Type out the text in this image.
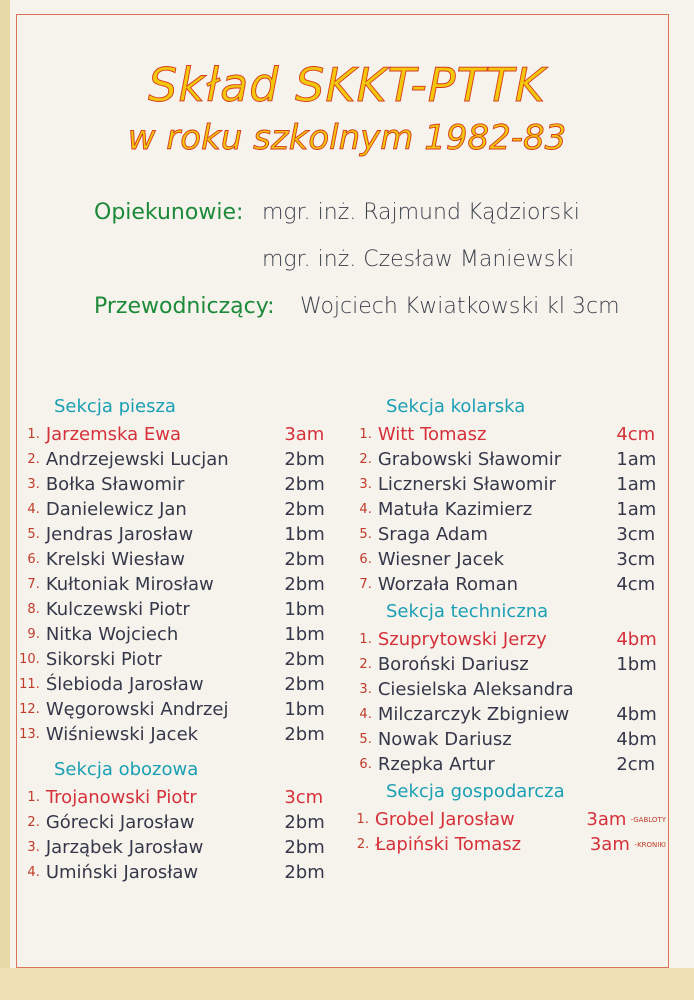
Skład SKKT-PTTK
w roku szkolnym 1982-83
Opiekunowie: mgr. inż. Rajmund Kądziorski
mgr. inż. Czesław Maniewski
Przewodniczący: Wojciech Kwiatkowski kl 3cm
Sekcja piesza
1. Jarzemska Ewa	3am
2. Andrzejewski Lucjan	2bm
3. Bołka Sławomir	2bm
4. Danielewicz Jan	2bm
5. Jendras Jarosław	1bm
6. Krelski Wiesław	2bm
7. Kułtoniak Mirosław	2bm
8. Kulczewski Piotr	1bm
9. Nitka Wojciech	1bm
10. Sikorski Piotr	2bm
11. Ślebioda Jarosław	2bm
12. Węgorowski Andrzej	1bm
13. Wiśniewski Jacek	2bm
Sekcja obozowa
1. Trojanowski Piotr	3cm
2. Górecki Jarosław	2bm
3. Jarząbek Jarosław	2bm
4. Umiński Jarosław	2bm
Sekcja kolarska
1. Witt Tomasz	4cm
2. Grabowski Sławomir	1am
3. Licznerski Sławomir	1am
4. Matuła Kazimierz	1am
5. Sraga Adam	3cm
6. Wiesner Jacek	3cm
7. Worzała Roman	4cm
Sekcja techniczna
1. Szuprytowski Jerzy	4bm
2. Boroński Dariusz	1bm
3. Ciesielska Aleksandra
4. Milczarczyk Zbigniew	4bm
5. Nowak Dariusz	4bm
6. Rzepka Artur	2cm
Sekcja gospodarcza
1. Grobel Jarosław	3am -GABLOTY
2. Łapiński Tomasz	3am -KRONIKI
